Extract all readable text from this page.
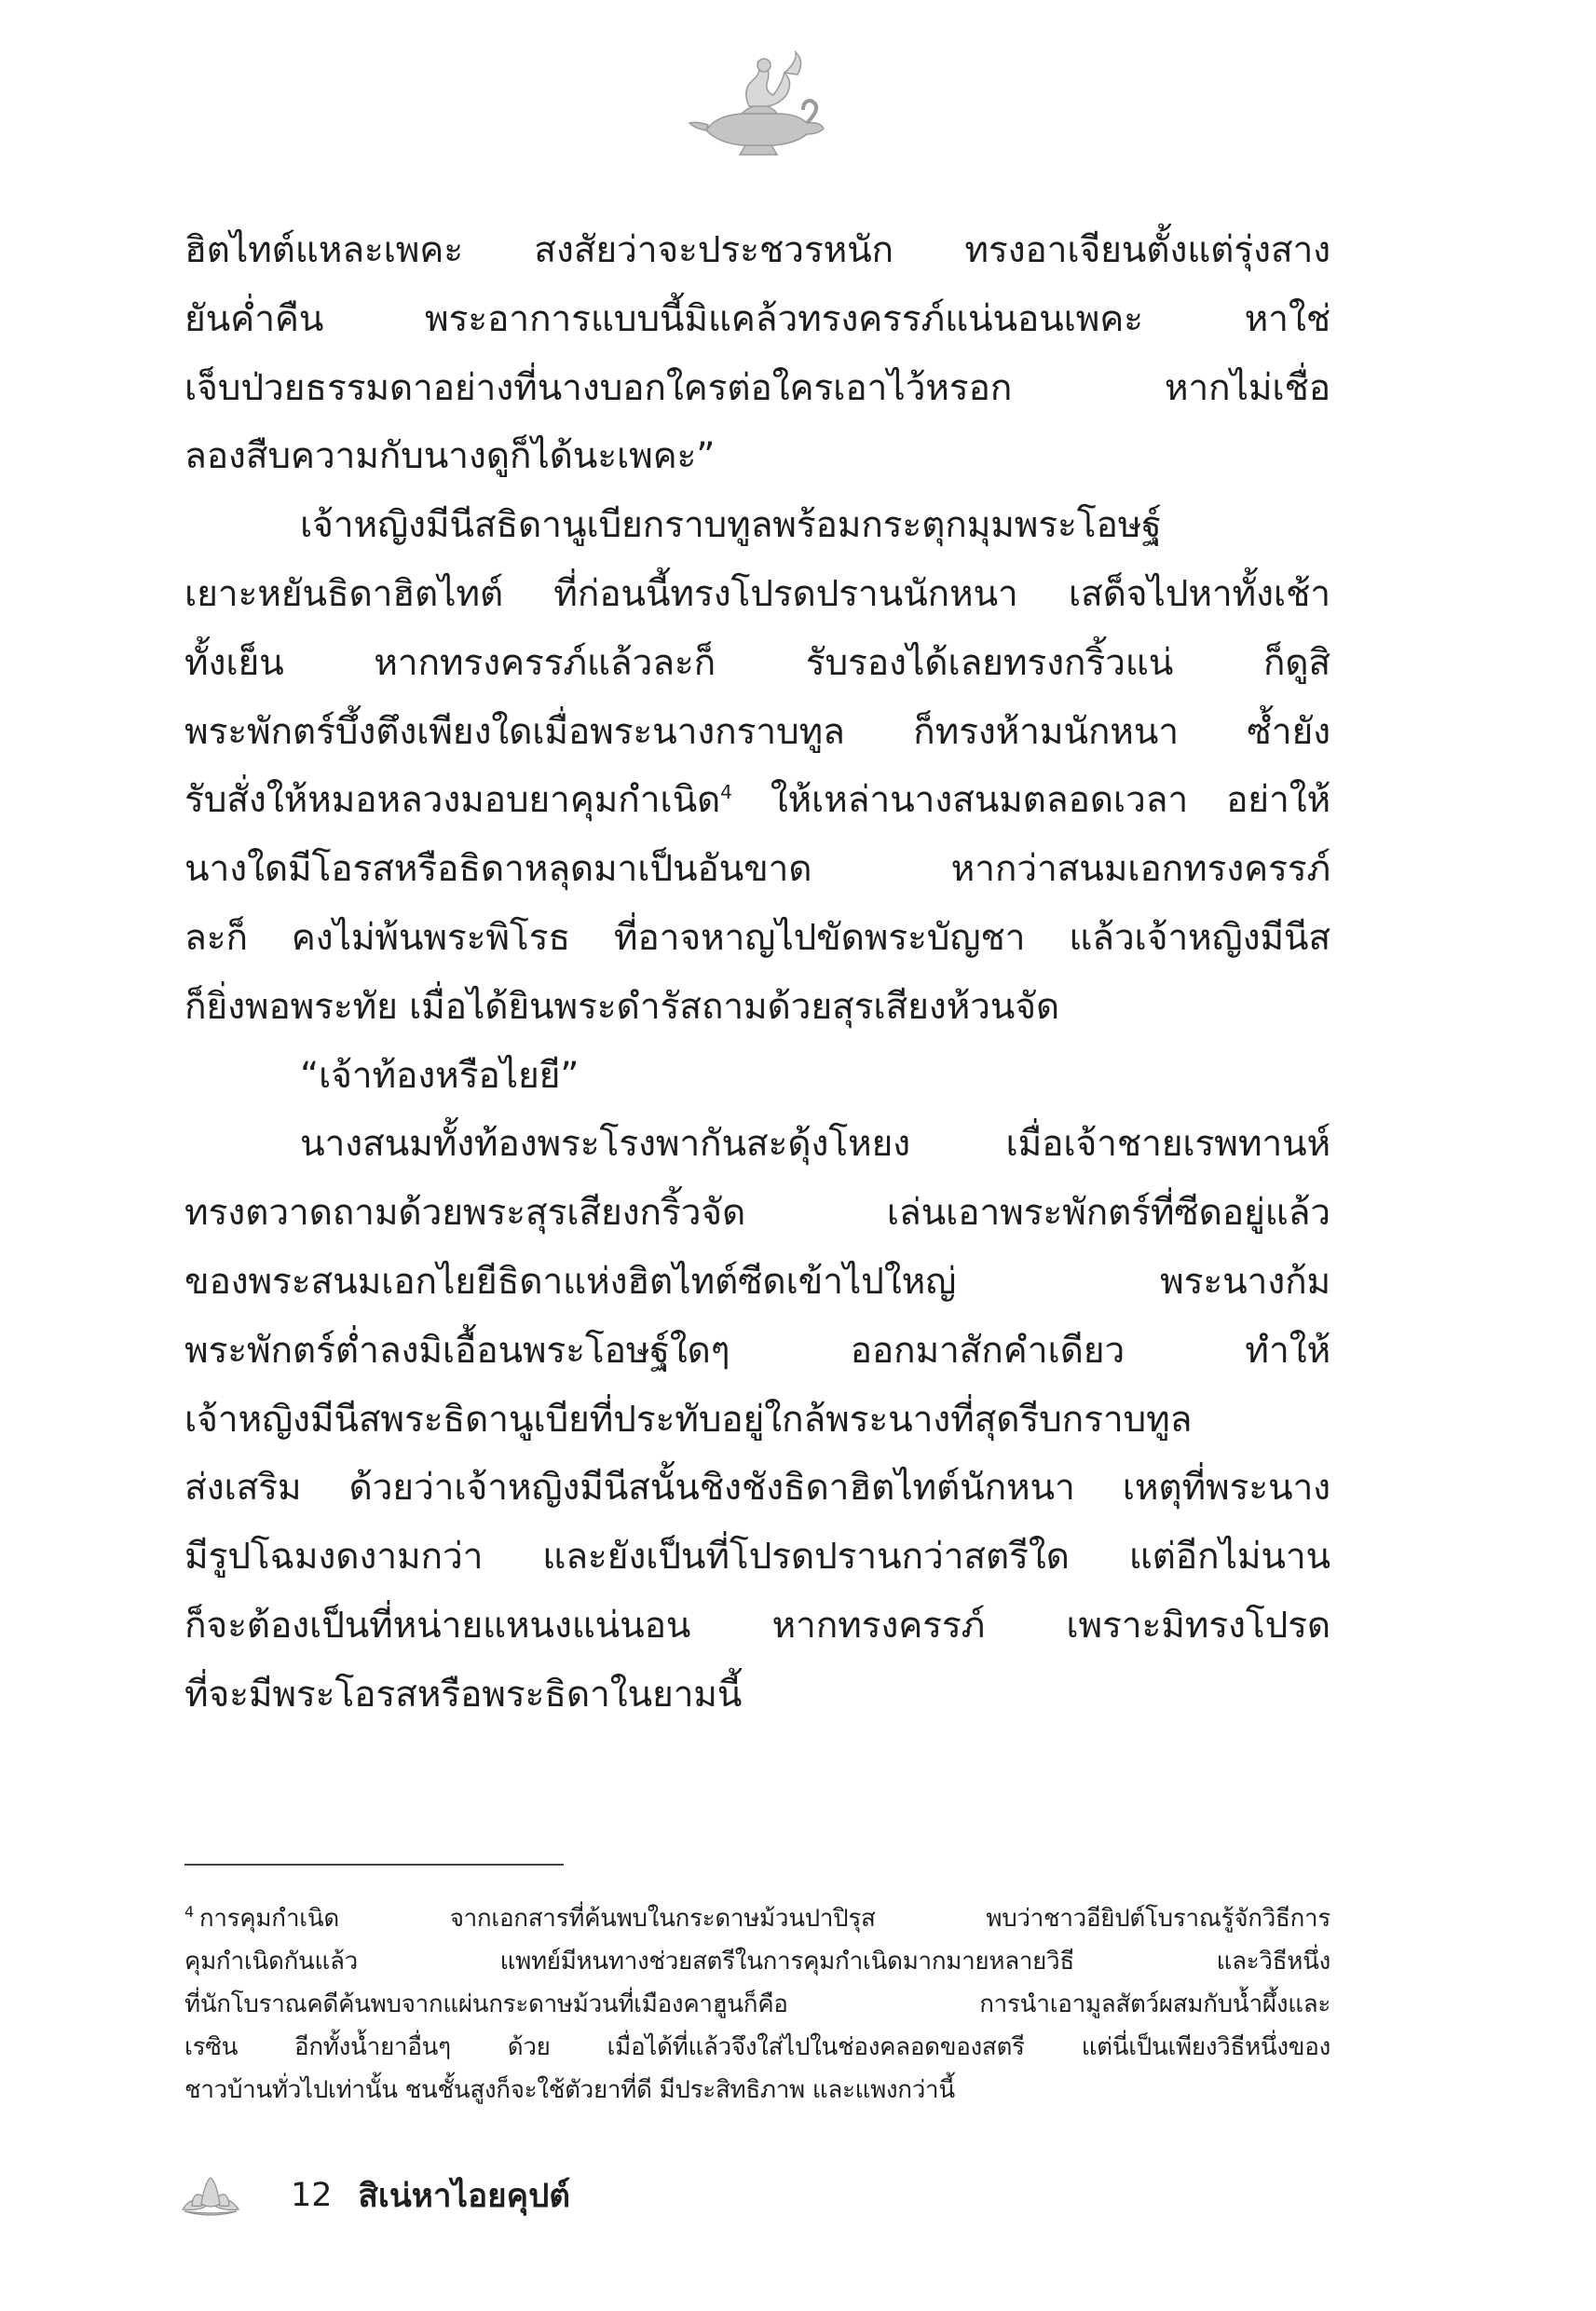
ฮิตไทต์แหละเพคะ สงสัยว่าจะประชวรหนัก ทรงอาเจียนตั้งแต่รุ่งสาง
ยันค่ำคืน พระอาการแบบนี้มิแคล้วทรงครรภ์แน่นอนเพคะ หาใช่
เจ็บป่วยธรรมดาอย่างที่นางบอกใครต่อใครเอาไว้หรอก หากไม่เชื่อ
ลองสืบความกับนางดูก็ได้นะเพคะ”
เจ้าหญิงมีนีสธิดานูเบียกราบทูลพร้อมกระตุกมุมพระโอษฐ์
เยาะหยันธิดาฮิตไทต์ ที่ก่อนนี้ทรงโปรดปรานนักหนา เสด็จไปหาทั้งเช้า
ทั้งเย็น หากทรงครรภ์แล้วละก็ รับรองได้เลยทรงกริ้วแน่ ก็ดูสิ
พระพักตร์บึ้งตึงเพียงใดเมื่อพระนางกราบทูล ก็ทรงห้ามนักหนา ซ้ำยัง
รับสั่งให้หมอหลวงมอบยาคุมกำเนิด$^4$ ให้เหล่านางสนมตลอดเวลา อย่าให้
นางใดมีโอรสหรือธิดาหลุดมาเป็นอันขาด หากว่าสนมเอกทรงครรภ์
ละก็ คงไม่พ้นพระพิโรธ ที่อาจหาญไปขัดพระบัญชา แล้วเจ้าหญิงมีนีส
ก็ยิ่งพอพระทัย เมื่อได้ยินพระดำรัสถามด้วยสุรเสียงห้วนจัด
“เจ้าท้องหรือไยยี”
นางสนมทั้งท้องพระโรงพากันสะดุ้งโหยง เมื่อเจ้าชายเรพทานห์
ทรงตวาดถามด้วยพระสุรเสียงกริ้วจัด เล่นเอาพระพักตร์ที่ซีดอยู่แล้ว
ของพระสนมเอกไยยีธิดาแห่งฮิตไทต์ซีดเข้าไปใหญ่ พระนางก้ม
พระพักตร์ต่ำลงมิเอื้อนพระโอษฐ์ใดๆ ออกมาสักคำเดียว ทำให้
เจ้าหญิงมีนีสพระธิดานูเบียที่ประทับอยู่ใกล้พระนางที่สุดรีบกราบทูล
ส่งเสริม ด้วยว่าเจ้าหญิงมีนีสนั้นชิงชังธิดาฮิตไทต์นักหนา เหตุที่พระนาง
มีรูปโฉมงดงามกว่า และยังเป็นที่โปรดปรานกว่าสตรีใด แต่อีกไม่นาน
ก็จะต้องเป็นที่หน่ายแหนงแน่นอน หากทรงครรภ์ เพราะมิทรงโปรด
ที่จะมีพระโอรสหรือพระธิดาในยามนี้
$^4$ การคุมกำเนิด จากเอกสารที่ค้นพบในกระดาษม้วนปาปิรุส พบว่าชาวอียิปต์โบราณรู้จักวิธีการ
คุมกำเนิดกันแล้ว แพทย์มีหนทางช่วยสตรีในการคุมกำเนิดมากมายหลายวิธี และวิธีหนึ่ง
ที่นักโบราณคดีค้นพบจากแผ่นกระดาษม้วนที่เมืองคาฮูนก็คือ การนำเอามูลสัตว์ผสมกับน้ำผึ้งและ
เรซิน อีกทั้งน้ำยาอื่นๆ ด้วย เมื่อได้ที่แล้วจึงใส่ไปในช่องคลอดของสตรี แต่นี่เป็นเพียงวิธีหนึ่งของ
ชาวบ้านทั่วไปเท่านั้น ชนชั้นสูงก็จะใช้ตัวยาที่ดี มีประสิทธิภาพ และแพงกว่านี้
12 สิเน่หาไอยคุปต์
